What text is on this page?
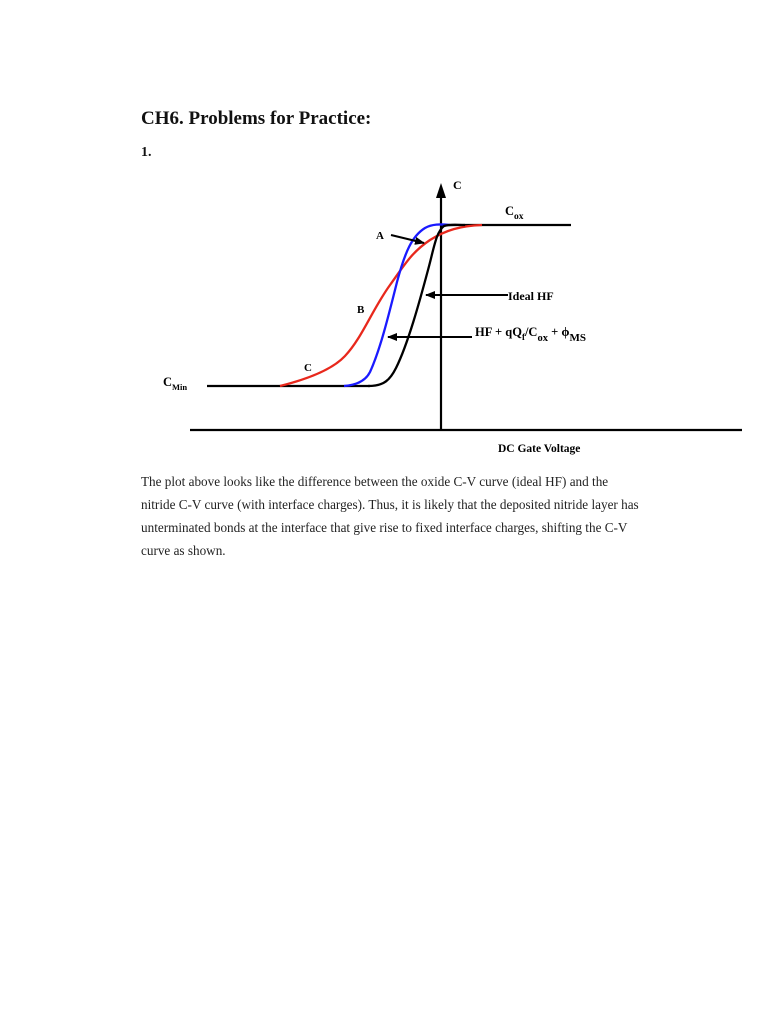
CH6. Problems for Practice:

1.

C
$C_{ox}$
$C_{Min}$
A
B
C
Ideal HF
HF + $qQ_f/C_{ox} + \phi MS$
DC Gate Voltage

The plot above looks like the difference between the oxide C-V curve (ideal HF) and the nitride C-V curve (with interface charges). Thus, it is likely that the deposited nitride layer has unterminated bonds at the interface that give rise to fixed interface charges, shifting the C-V curve as shown.
